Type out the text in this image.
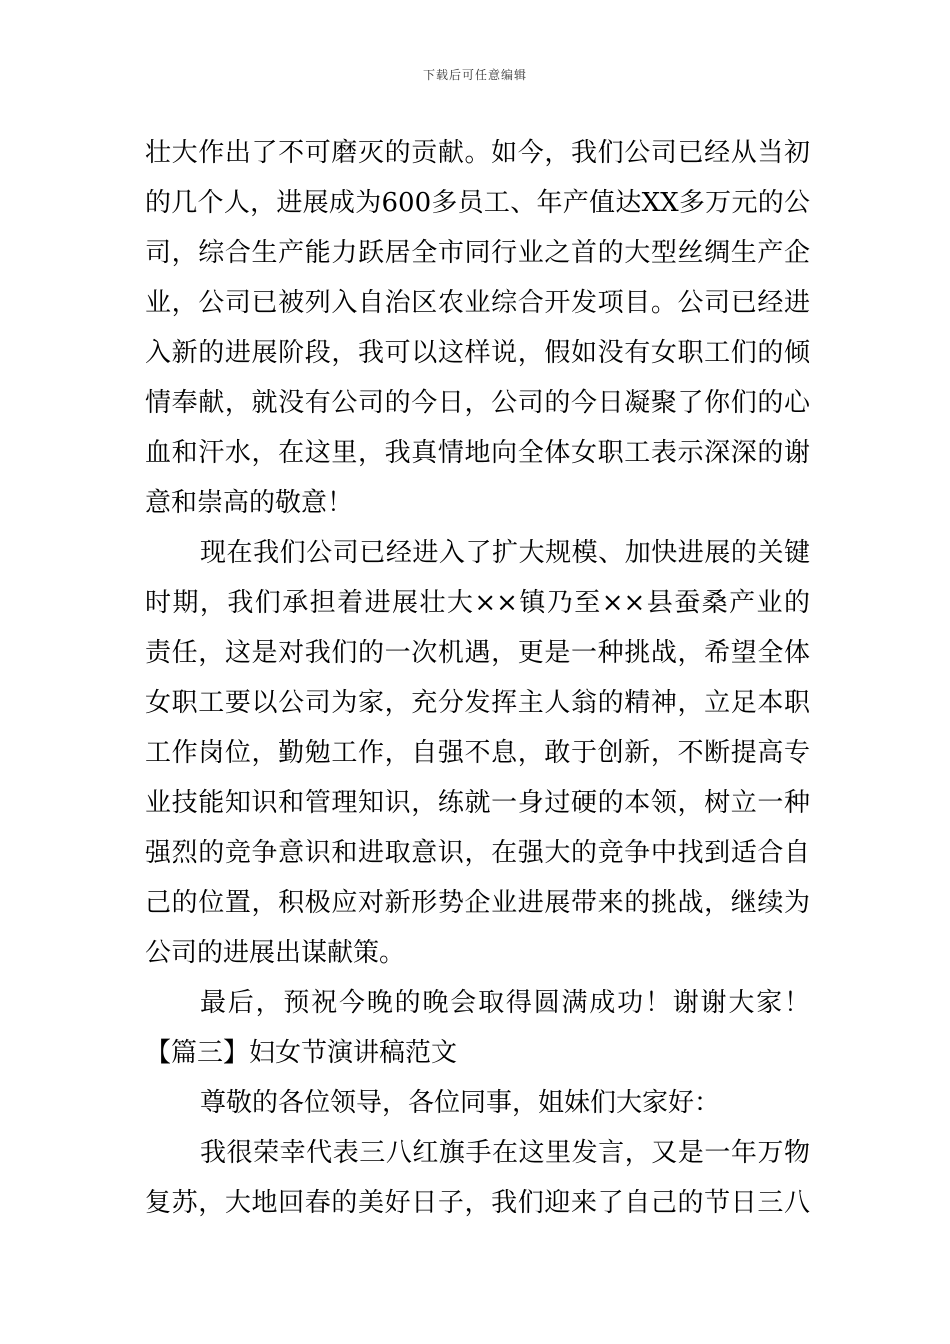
下载后可任意编辑
壮大作出了不可磨灭的贡献。如今，我们公司已经从当初
的几个人，进展成为600多员工、年产值达XX多万元的公
司，综合生产能力跃居全市同行业之首的大型丝绸生产企
业，公司已被列入自治区农业综合开发项目。公司已经进
入新的进展阶段，我可以这样说，假如没有女职工们的倾
情奉献，就没有公司的今日，公司的今日凝聚了你们的心
血和汗水，在这里，我真情地向全体女职工表示深深的谢
意和崇高的敬意！
现在我们公司已经进入了扩大规模、加快进展的关键
时期，我们承担着进展壮大××镇乃至××县蚕桑产业的
责任，这是对我们的一次机遇，更是一种挑战，希望全体
女职工要以公司为家，充分发挥主人翁的精神，立足本职
工作岗位，勤勉工作，自强不息，敢于创新，不断提高专
业技能知识和管理知识，练就一身过硬的本领，树立一种
强烈的竞争意识和进取意识，在强大的竞争中找到适合自
己的位置，积极应对新形势企业进展带来的挑战，继续为
公司的进展出谋献策。
最后，预祝今晚的晚会取得圆满成功！谢谢大家！
【篇三】妇女节演讲稿范文
尊敬的各位领导，各位同事，姐妹们大家好：
我很荣幸代表三八红旗手在这里发言，又是一年万物
复苏，大地回春的美好日子，我们迎来了自己的节日三八
